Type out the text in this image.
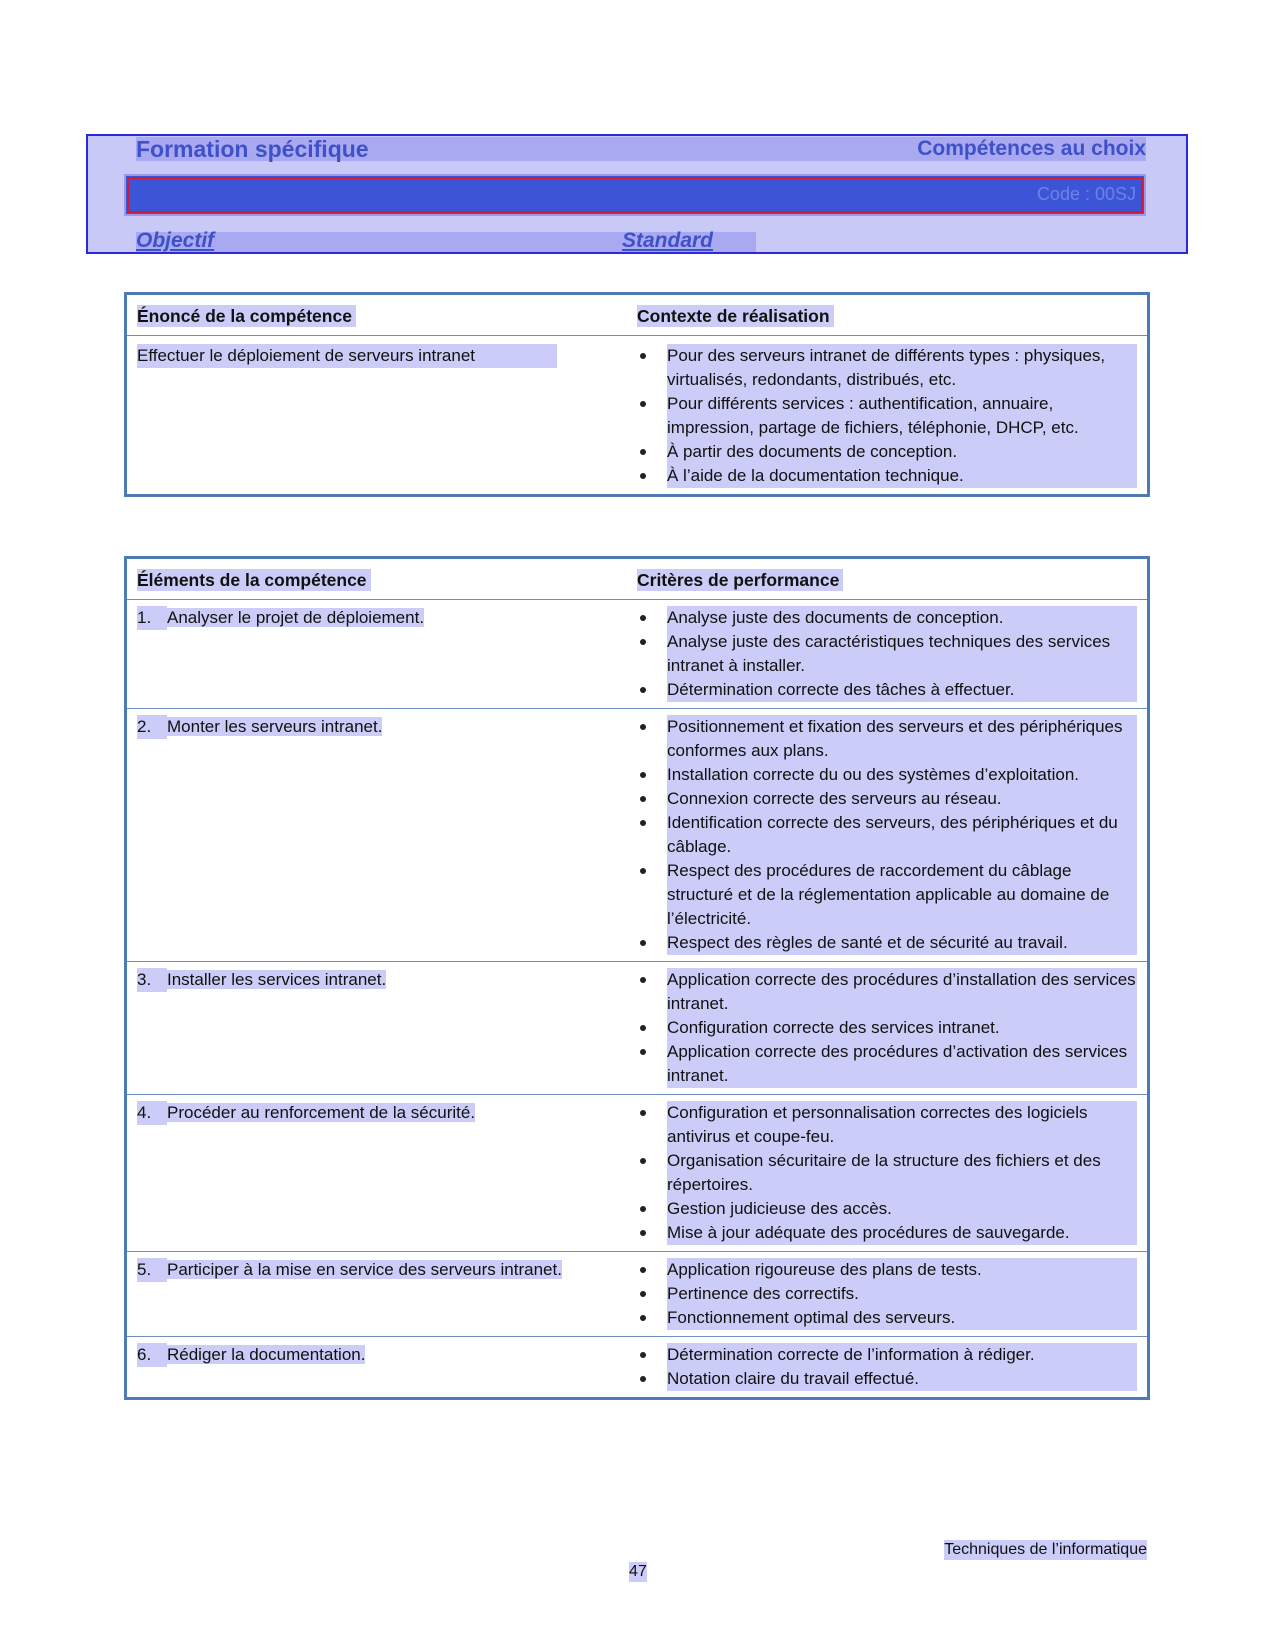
Formation spécifique	Compétences au choix
Code : 00SJ
Objectif	Standard
Énoncé de la compétence	Contexte de réalisation
Effectuer le déploiement de serveurs intranet	Pour des serveurs intranet de différents types : physiques, virtualisés, redondants, distribués, etc.
Pour différents services : authentification, annuaire, impression, partage de fichiers, téléphonie, DHCP, etc.
À partir des documents de conception.
À l’aide de la documentation technique.
Éléments de la compétence	Critères de performance
1. Analyser le projet de déploiement.	Analyse juste des documents de conception.
Analyse juste des caractéristiques techniques des services intranet à installer.
Détermination correcte des tâches à effectuer.
2. Monter les serveurs intranet.	Positionnement et fixation des serveurs et des périphériques conformes aux plans.
Installation correcte du ou des systèmes d’exploitation.
Connexion correcte des serveurs au réseau.
Identification correcte des serveurs, des périphériques et du câblage.
Respect des procédures de raccordement du câblage structuré et de la réglementation applicable au domaine de l’électricité.
Respect des règles de santé et de sécurité au travail.
3. Installer les services intranet.	Application correcte des procédures d’installation des services intranet.
Configuration correcte des services intranet.
Application correcte des procédures d’activation des services intranet.
4. Procéder au renforcement de la sécurité.	Configuration et personnalisation correctes des logiciels antivirus et coupe-feu.
Organisation sécuritaire de la structure des fichiers et des répertoires.
Gestion judicieuse des accès.
Mise à jour adéquate des procédures de sauvegarde.
5. Participer à la mise en service des serveurs intranet.	Application rigoureuse des plans de tests.
Pertinence des correctifs.
Fonctionnement optimal des serveurs.
6. Rédiger la documentation.	Détermination correcte de l’information à rédiger.
Notation claire du travail effectué.
Techniques de l’informatique
47
